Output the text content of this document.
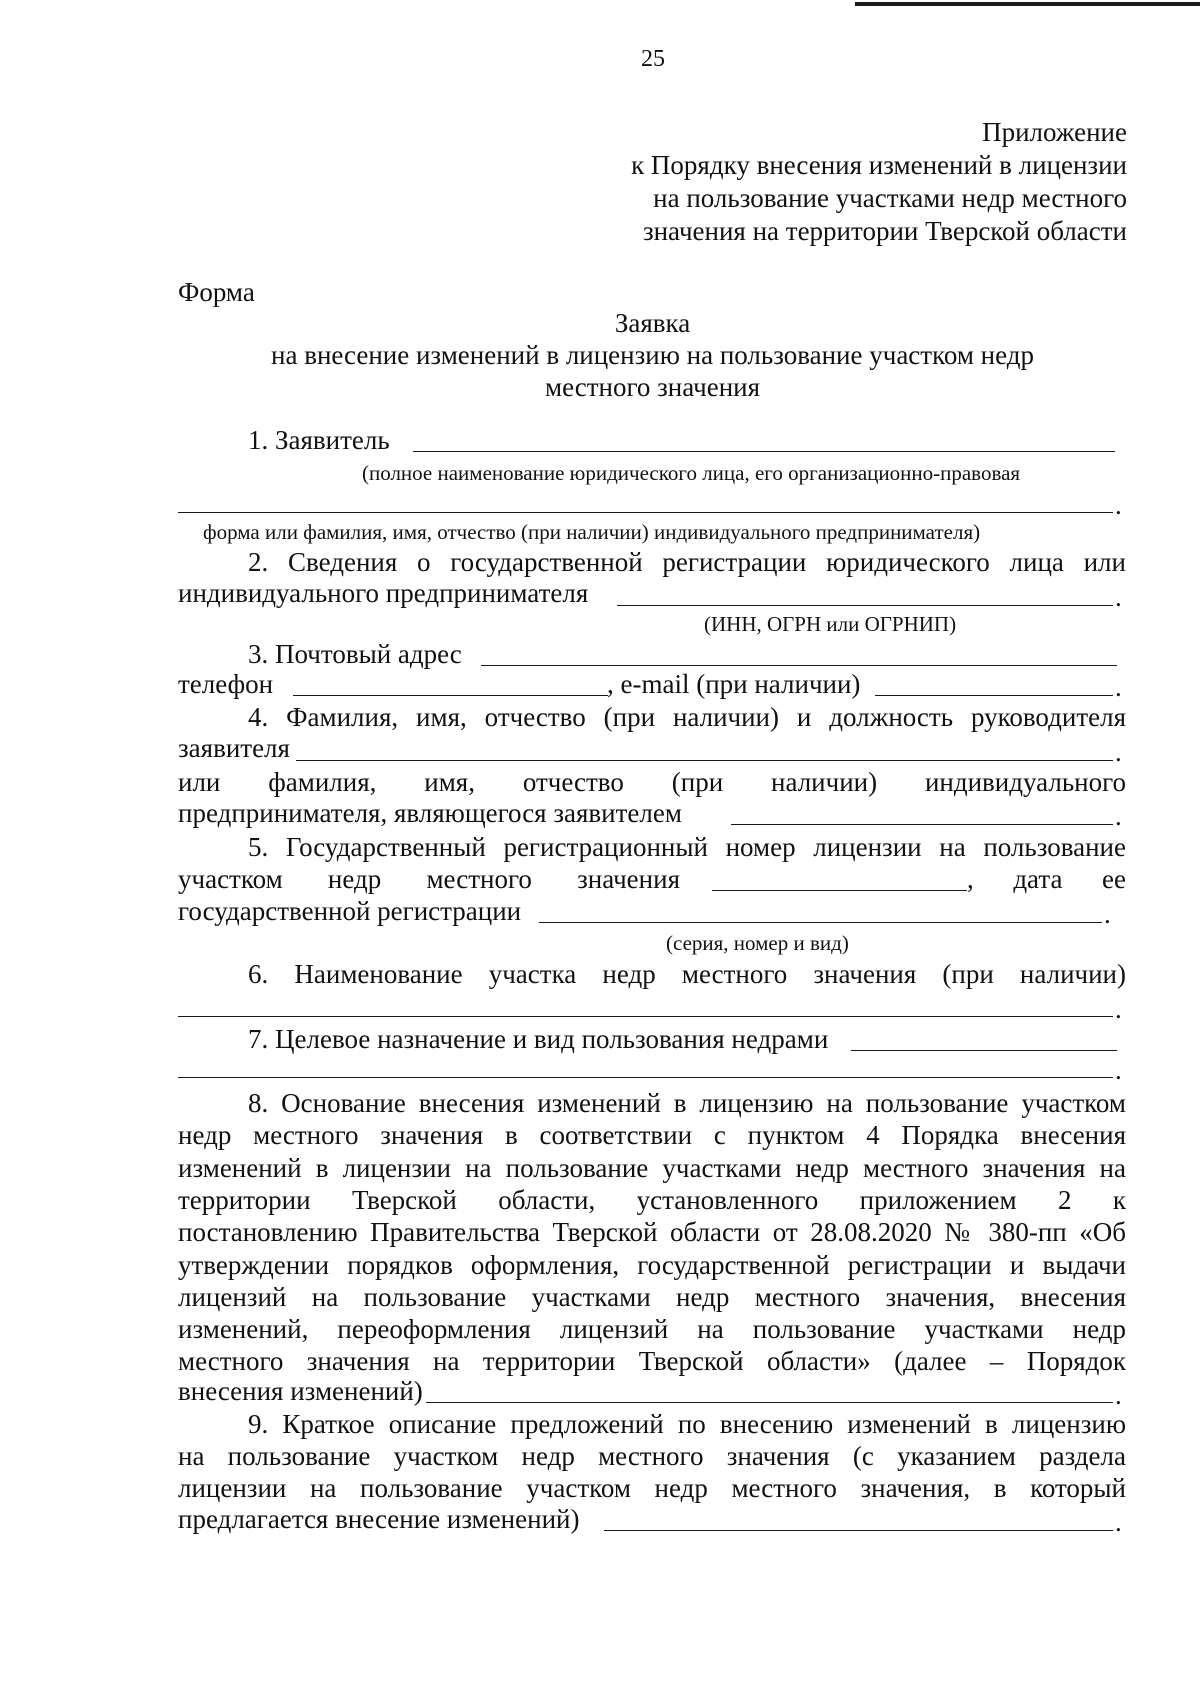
25
Приложение
к Порядку внесения изменений в лицензии
на пользование участками недр местного
значения на территории Тверской области
Форма
Заявка
на внесение изменений в лицензию на пользование участком недр
местного значения
1. Заявитель
(полное наименование юридического лица, его организационно-правовая
.
форма или фамилия, имя, отчество (при наличии) индивидуального предпринимателя)
2. Сведения о государственной регистрации юридического лица или
индивидуального предпринимателя	.
(ИНН, ОГРН или ОГРНИП)
3. Почтовый адрес
телефон	, e-mail (при наличии)	.
4. Фамилия, имя, отчество (при наличии) и должность руководителя
заявителя	.
или фамилия, имя, отчество (при наличии) индивидуального
предпринимателя, являющегося заявителем	.
5. Государственный регистрационный номер лицензии на пользование
участком недр местного значения	, дата ее
государственной регистрации	.
(серия, номер и вид)
6. Наименование участка недр местного значения (при наличии)
.
7. Целевое назначение и вид пользования недрами
.
8. Основание внесения изменений в лицензию на пользование участком
недр местного значения в соответствии с пунктом 4 Порядка внесения
изменений в лицензии на пользование участками недр местного значения на
территории Тверской области, установленного приложением 2 к
постановлению Правительства Тверской области от 28.08.2020 № 380-пп «Об
утверждении порядков оформления, государственной регистрации и выдачи
лицензий на пользование участками недр местного значения, внесения
изменений, переоформления лицензий на пользование участками недр
местного значения на территории Тверской области» (далее – Порядок
внесения изменений)	.
9. Краткое описание предложений по внесению изменений в лицензию
на пользование участком недр местного значения (с указанием раздела
лицензии на пользование участком недр местного значения, в который
предлагается внесение изменений)	.
